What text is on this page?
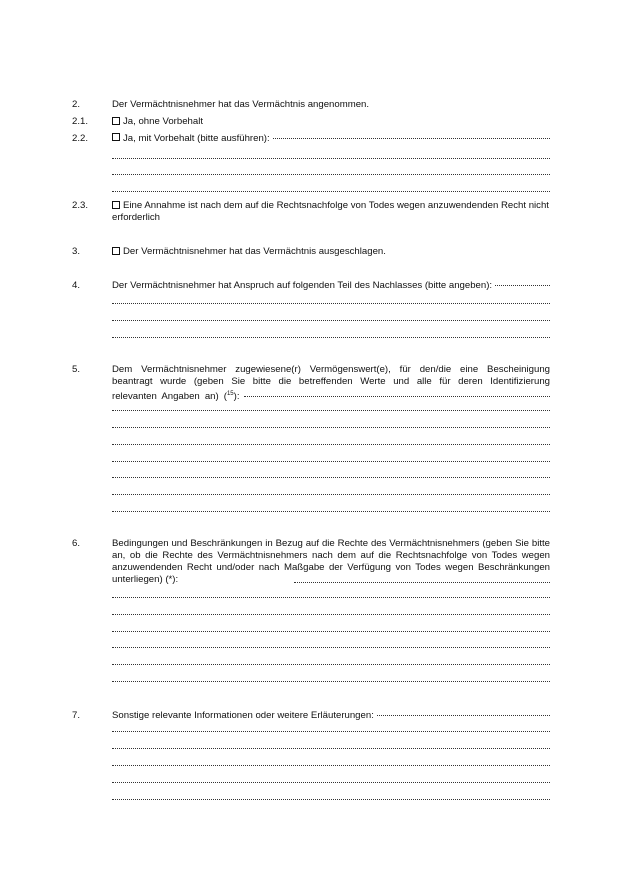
2.	Der Vermächtnisnehmer hat das Vermächtnis angenommen.
2.1.	Ja, ohne Vorbehalt
2.2.	Ja, mit Vorbehalt (bitte ausführen):
2.3.	Eine Annahme ist nach dem auf die Rechtsnachfolge von Todes wegen anzuwendenden Recht nicht erforderlich
3.	Der Vermächtnisnehmer hat das Vermächtnis ausgeschlagen.
4.	Der Vermächtnisnehmer hat Anspruch auf folgenden Teil des Nachlasses (bitte angeben):
5.	Dem Vermächtnisnehmer zugewiesene(r) Vermögenswert(e), für den/die eine Bescheinigung beantragt wurde (geben Sie bitte die betreffenden Werte und alle für deren Identifizierung relevanten Angaben an) ($^{15}$):
6.	Bedingungen und Beschränkungen in Bezug auf die Rechte des Vermächtnisnehmers (geben Sie bitte an, ob die Rechte des Vermächtnisnehmers nach dem auf die Rechtsnachfolge von Todes wegen anzuwendenden Recht und/oder nach Maßgabe der Verfügung von Todes wegen Beschränkungen unterliegen) (*):
7.	Sonstige relevante Informationen oder weitere Erläuterungen:
